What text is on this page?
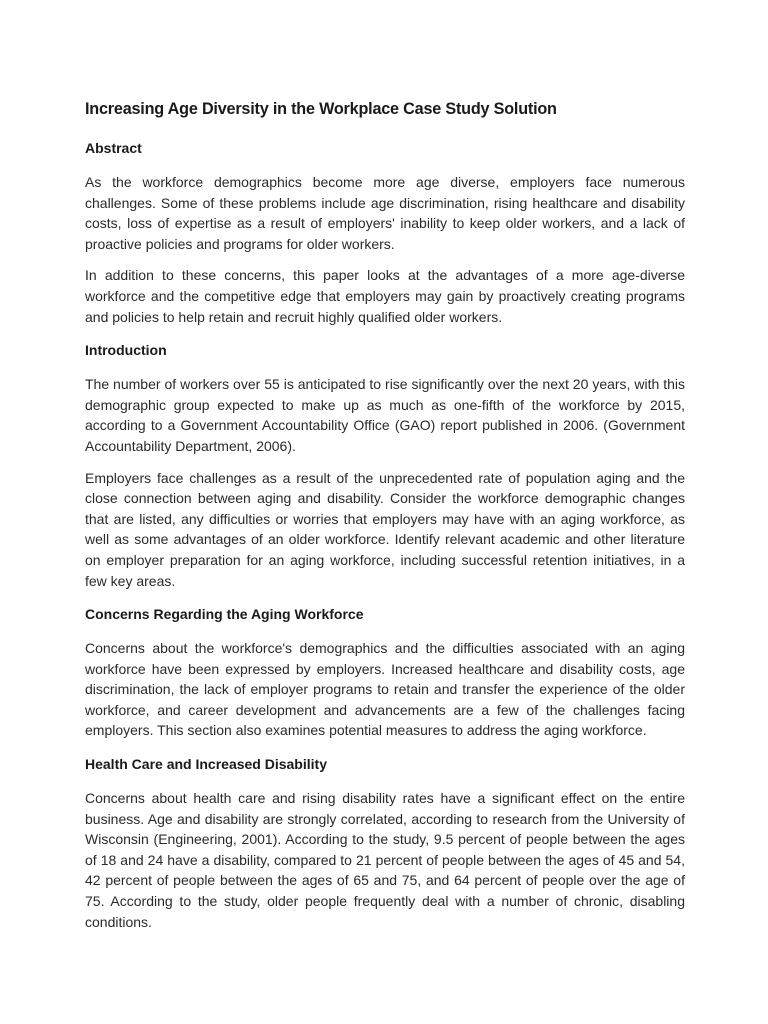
Increasing Age Diversity in the Workplace Case Study Solution
Abstract

As the workforce demographics become more age diverse, employers face numerous challenges. Some of these problems include age discrimination, rising healthcare and disability costs, loss of expertise as a result of employers' inability to keep older workers, and a lack of proactive policies and programs for older workers.

In addition to these concerns, this paper looks at the advantages of a more age-diverse workforce and the competitive edge that employers may gain by proactively creating programs and policies to help retain and recruit highly qualified older workers.

Introduction

The number of workers over 55 is anticipated to rise significantly over the next 20 years, with this demographic group expected to make up as much as one-fifth of the workforce by 2015, according to a Government Accountability Office (GAO) report published in 2006. (Government Accountability Department, 2006).

Employers face challenges as a result of the unprecedented rate of population aging and the close connection between aging and disability. Consider the workforce demographic changes that are listed, any difficulties or worries that employers may have with an aging workforce, as well as some advantages of an older workforce. Identify relevant academic and other literature on employer preparation for an aging workforce, including successful retention initiatives, in a few key areas.

Concerns Regarding the Aging Workforce

Concerns about the workforce's demographics and the difficulties associated with an aging workforce have been expressed by employers. Increased healthcare and disability costs, age discrimination, the lack of employer programs to retain and transfer the experience of the older workforce, and career development and advancements are a few of the challenges facing employers. This section also examines potential measures to address the aging workforce.

Health Care and Increased Disability

Concerns about health care and rising disability rates have a significant effect on the entire business. Age and disability are strongly correlated, according to research from the University of Wisconsin (Engineering, 2001). According to the study, 9.5 percent of people between the ages of 18 and 24 have a disability, compared to 21 percent of people between the ages of 45 and 54, 42 percent of people between the ages of 65 and 75, and 64 percent of people over the age of 75. According to the study, older people frequently deal with a number of chronic, disabling conditions.
